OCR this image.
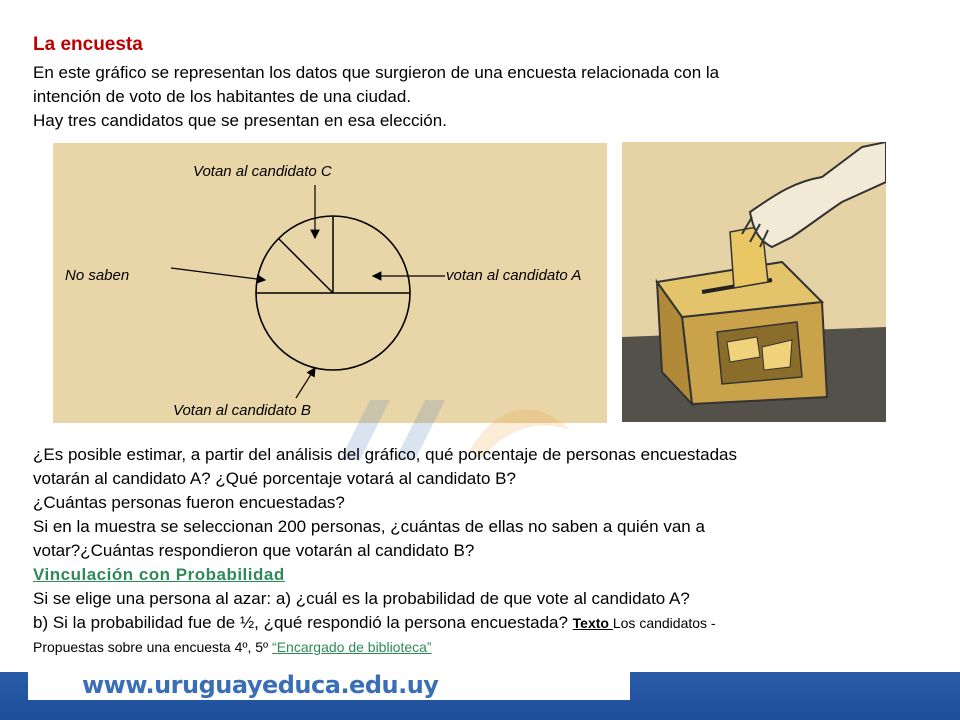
La encuesta
En este gráfico se representan los datos que surgieron de una encuesta relacionada con la
intención de voto de los habitantes de una ciudad.
Hay tres candidatos que se presentan en esa elección.
Votan al candidato C
No saben	votan al candidato A
Votan al candidato B
¿Es posible estimar, a partir del análisis del gráfico, qué porcentaje de personas encuestadas
votarán al candidato A? ¿Qué porcentaje votará al candidato B?
¿Cuántas personas fueron encuestadas?
Si en la muestra se seleccionan 200 personas, ¿cuántas de ellas no saben a quién van a
votar?¿Cuántas respondieron que votarán al candidato B?
Vinculación con Probabilidad
Si se elige una persona al azar: a) ¿cuál es la probabilidad de que vote al candidato A?
b) Si la probabilidad fue de ½, ¿qué respondió la persona encuestada? Texto Los candidatos -
Propuestas sobre una encuesta 4º, 5º “Encargado de biblioteca”
www.uruguayeduca.edu.uy
